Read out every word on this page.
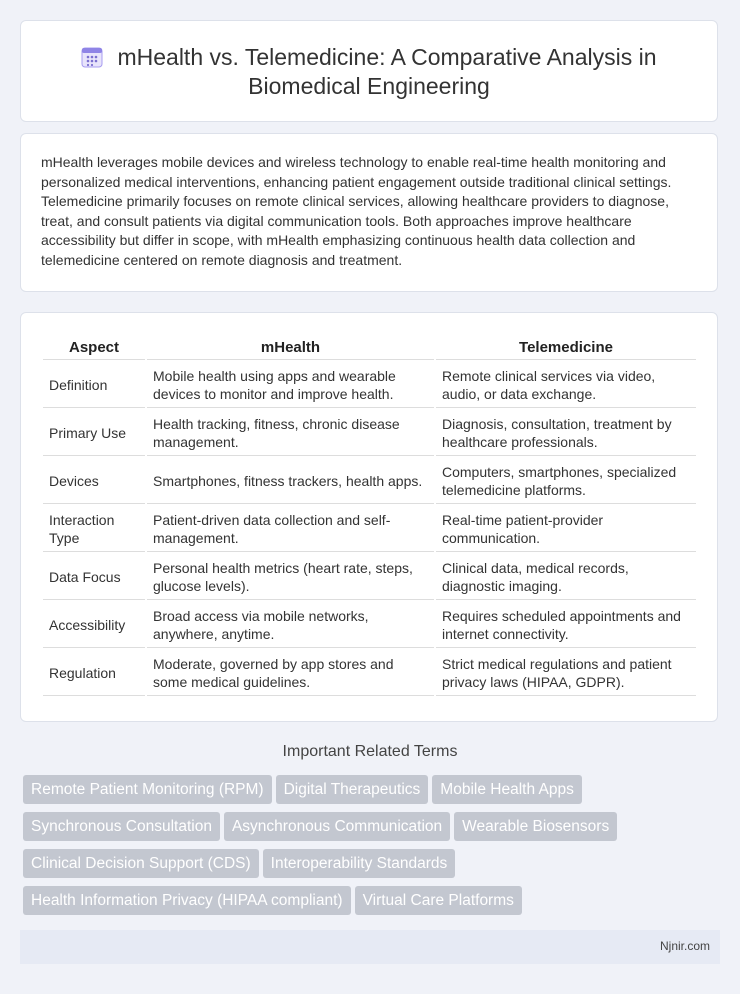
mHealth vs. Telemedicine: A Comparative Analysis in
Biomedical Engineering
mHealth leverages mobile devices and wireless technology to enable real-time health monitoring and personalized medical interventions, enhancing patient engagement outside traditional clinical settings. Telemedicine primarily focuses on remote clinical services, allowing healthcare providers to diagnose, treat, and consult patients via digital communication tools. Both approaches improve healthcare accessibility but differ in scope, with mHealth emphasizing continuous health data collection and telemedicine centered on remote diagnosis and treatment.
Aspect	mHealth	Telemedicine
Definition	Mobile health using apps and wearable devices to monitor and improve health.	Remote clinical services via video, audio, or data exchange.
Primary Use	Health tracking, fitness, chronic disease management.	Diagnosis, consultation, treatment by healthcare professionals.
Devices	Smartphones, fitness trackers, health apps.	Computers, smartphones, specialized telemedicine platforms.
Interaction Type	Patient-driven data collection and self-management.	Real-time patient-provider communication.
Data Focus	Personal health metrics (heart rate, steps, glucose levels).	Clinical data, medical records, diagnostic imaging.
Accessibility	Broad access via mobile networks, anywhere, anytime.	Requires scheduled appointments and internet connectivity.
Regulation	Moderate, governed by app stores and some medical guidelines.	Strict medical regulations and patient privacy laws (HIPAA, GDPR).
Important Related Terms
Remote Patient Monitoring (RPM) Digital Therapeutics Mobile Health Apps
Synchronous Consultation Asynchronous Communication Wearable Biosensors
Clinical Decision Support (CDS) Interoperability Standards
Health Information Privacy (HIPAA compliant) Virtual Care Platforms
Njnir.com
